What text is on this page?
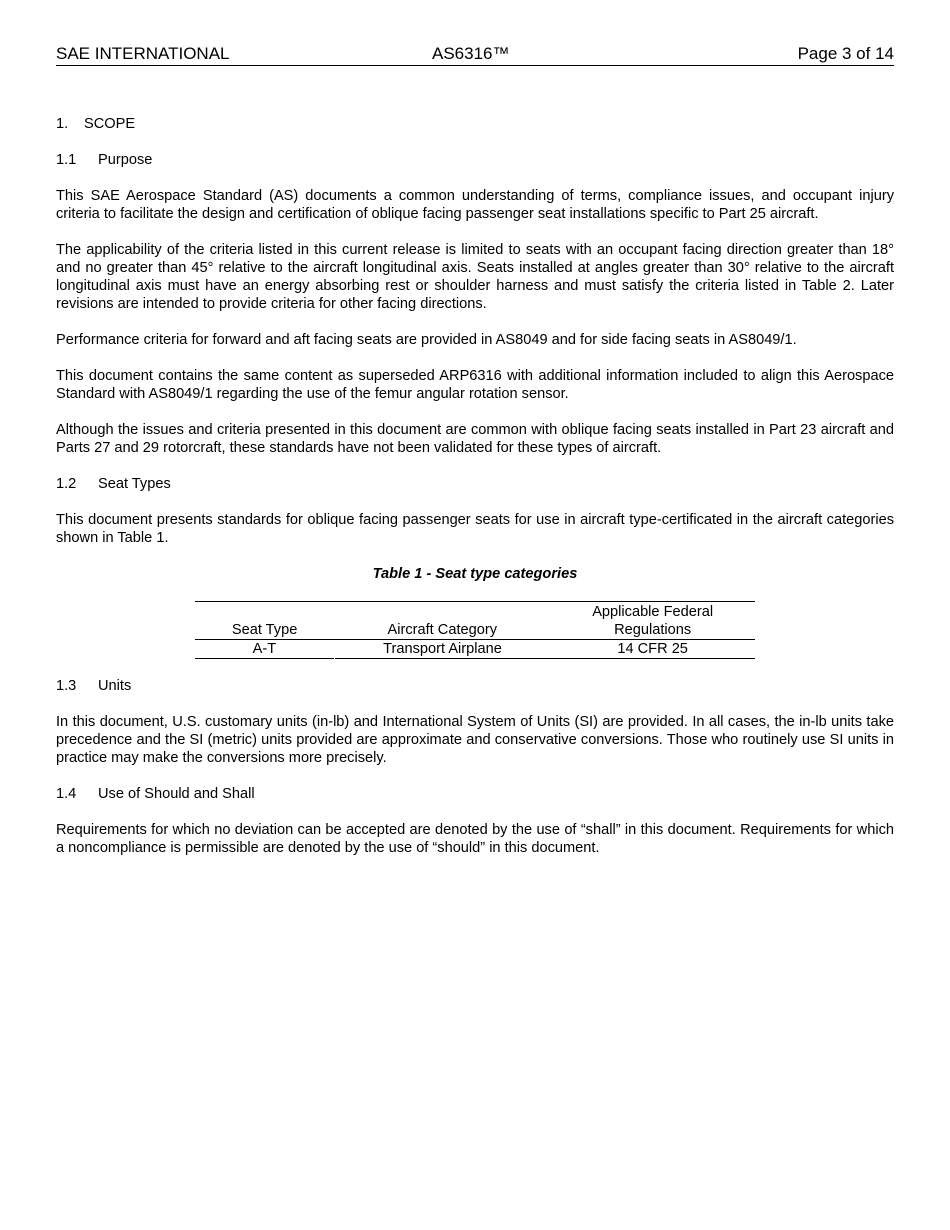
SAE INTERNATIONAL	AS6316™	Page 3 of 14
1.	SCOPE
1.1	Purpose

This SAE Aerospace Standard (AS) documents a common understanding of terms, compliance issues, and occupant injury criteria to facilitate the design and certification of oblique facing passenger seat installations specific to Part 25 aircraft.

The applicability of the criteria listed in this current release is limited to seats with an occupant facing direction greater than 18° and no greater than 45° relative to the aircraft longitudinal axis. Seats installed at angles greater than 30° relative to the aircraft longitudinal axis must have an energy absorbing rest or shoulder harness and must satisfy the criteria listed in Table 2. Later revisions are intended to provide criteria for other facing directions.

Performance criteria for forward and aft facing seats are provided in AS8049 and for side facing seats in AS8049/1.

This document contains the same content as superseded ARP6316 with additional information included to align this Aerospace Standard with AS8049/1 regarding the use of the femur angular rotation sensor.

Although the issues and criteria presented in this document are common with oblique facing seats installed in Part 23 aircraft and Parts 27 and 29 rotorcraft, these standards have not been validated for these types of aircraft.

1.2	Seat Types

This document presents standards for oblique facing passenger seats for use in aircraft type-certificated in the aircraft categories shown in Table 1.

Table 1 - Seat type categories

Seat Type	Aircraft Category	Applicable Federal
Regulations
A-T	Transport Airplane	14 CFR 25
1.3	Units

In this document, U.S. customary units (in-lb) and International System of Units (SI) are provided. In all cases, the in-lb units take precedence and the SI (metric) units provided are approximate and conservative conversions. Those who routinely use SI units in practice may make the conversions more precisely.

1.4	Use of Should and Shall

Requirements for which no deviation can be accepted are denoted by the use of “shall” in this document. Requirements for which a noncompliance is permissible are denoted by the use of “should” in this document.
